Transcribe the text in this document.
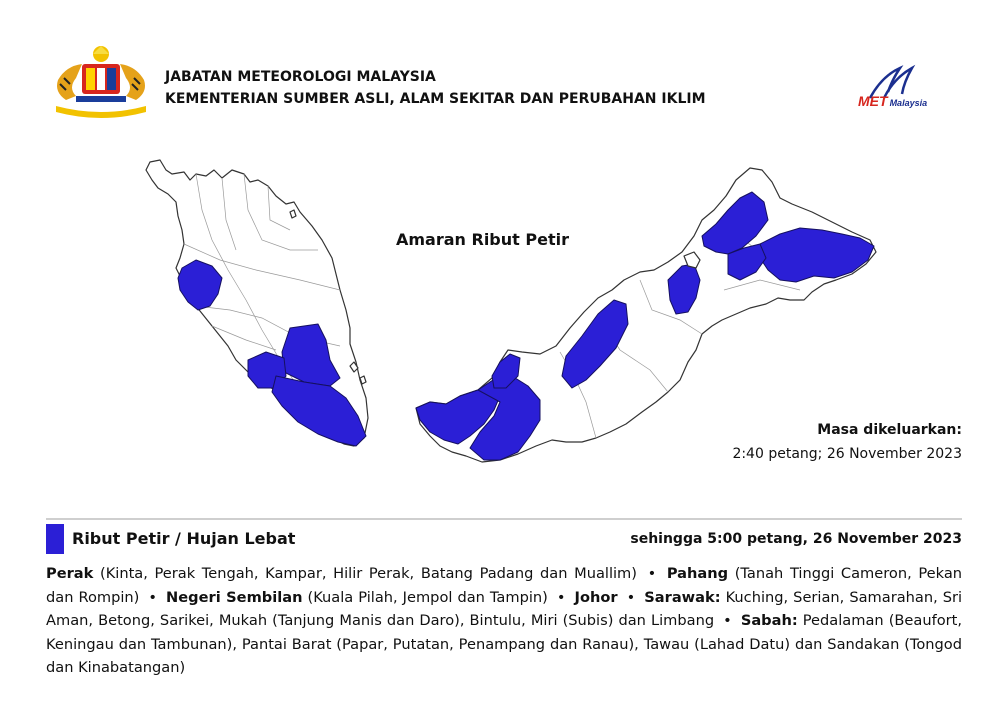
JABATAN METEOROLOGI MALAYSIA
KEMENTERIAN SUMBER ASLI, ALAM SEKITAR DAN PERUBAHAN IKLIM	MET Malaysia
Amaran Ribut Petir
Masa dikeluarkan:
2:40 petang; 26 November 2023
Ribut Petir / Hujan Lebat	sehingga 5:00 petang, 26 November 2023
Perak (Kinta, Perak Tengah, Kampar, Hilir Perak, Batang Padang dan Muallim) • Pahang (Tanah Tinggi Cameron, Pekan dan Rompin) • Negeri Sembilan (Kuala Pilah, Jempol dan Tampin) • Johor • Sarawak: Kuching, Serian, Samarahan, Sri Aman, Betong, Sarikei, Mukah (Tanjung Manis dan Daro), Bintulu, Miri (Subis) dan Limbang • Sabah: Pedalaman (Beaufort, Keningau dan Tambunan), Pantai Barat (Papar, Putatan, Penampang dan Ranau), Tawau (Lahad Datu) dan Sandakan (Tongod dan Kinabatangan)
